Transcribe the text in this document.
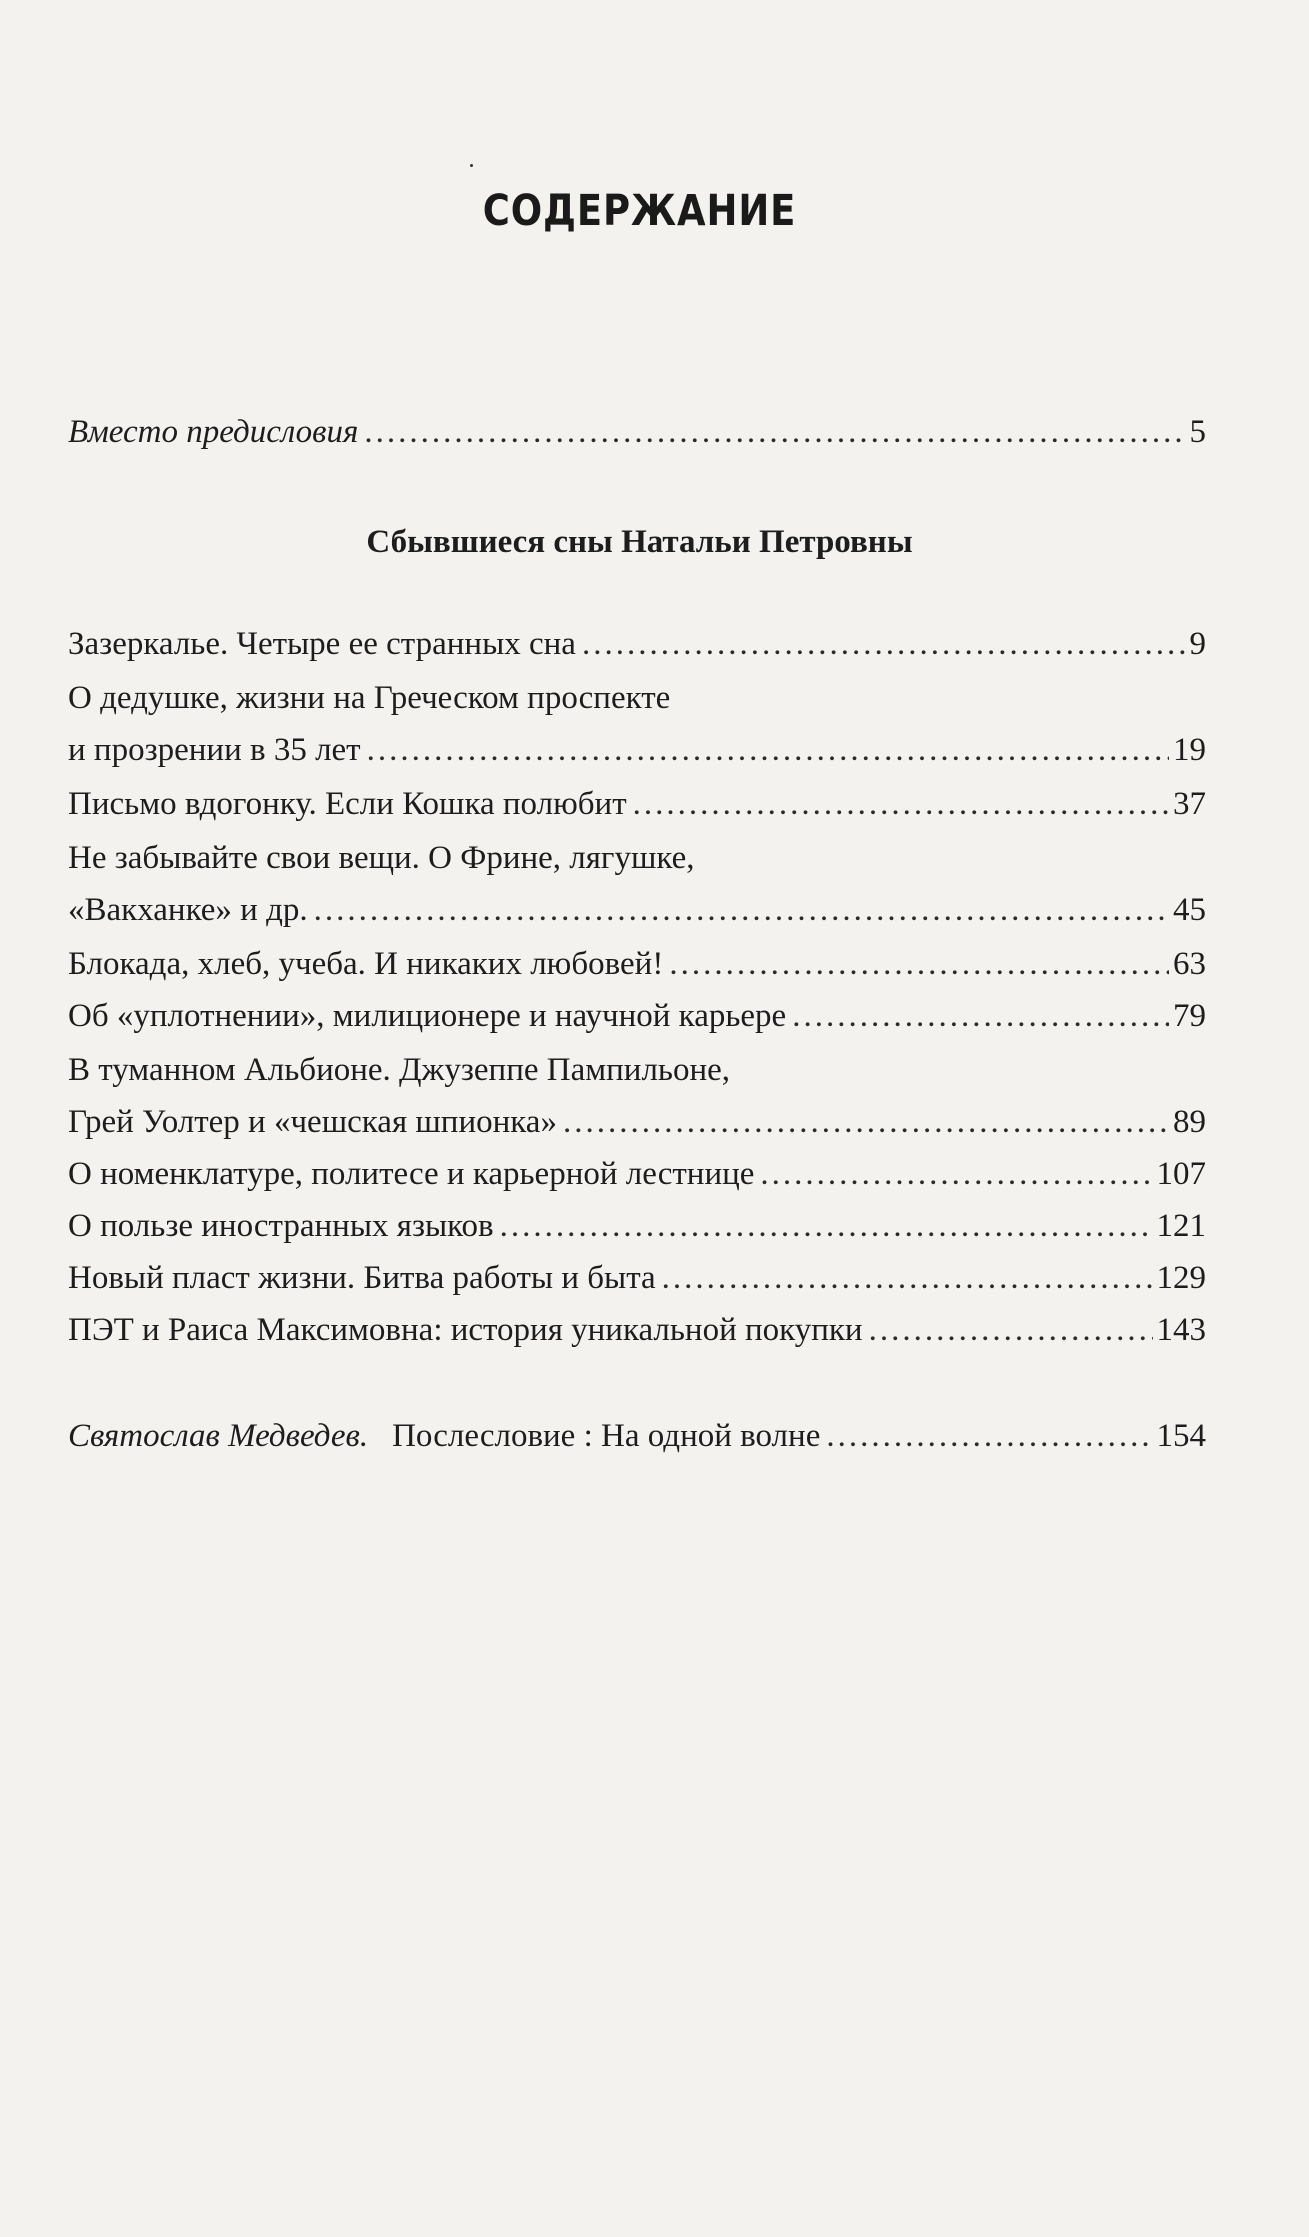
СОДЕРЖАНИЕ
Вместо предисловия .....	5
Сбывшиеся сны Натальи Петровны
Зазеркалье. Четыре ее странных сна .....	9
О дедушке, жизни на Греческом проспекте
и прозрении в 35 лет .....	19
Письмо вдогонку. Если Кошка полюбит .....	37
Не забывайте свои вещи. О Фрине, лягушке,
«Вакханке» и др. .....	45
Блокада, хлеб, учеба. И никаких любовей! .....	63
Об «уплотнении», милиционере и научной карьере .....	79
В туманном Альбионе. Джузеппе Пампильоне,
Грей Уолтер и «чешская шпионка» .....	89
О номенклатуре, политесе и карьерной лестнице .....	107
О пользе иностранных языков .....	121
Новый пласт жизни. Битва работы и быта .....	129
ПЭТ и Раиса Максимовна: история уникальной покупки .....	143
Святослав Медведев. Послесловие : На одной волне .....	154
